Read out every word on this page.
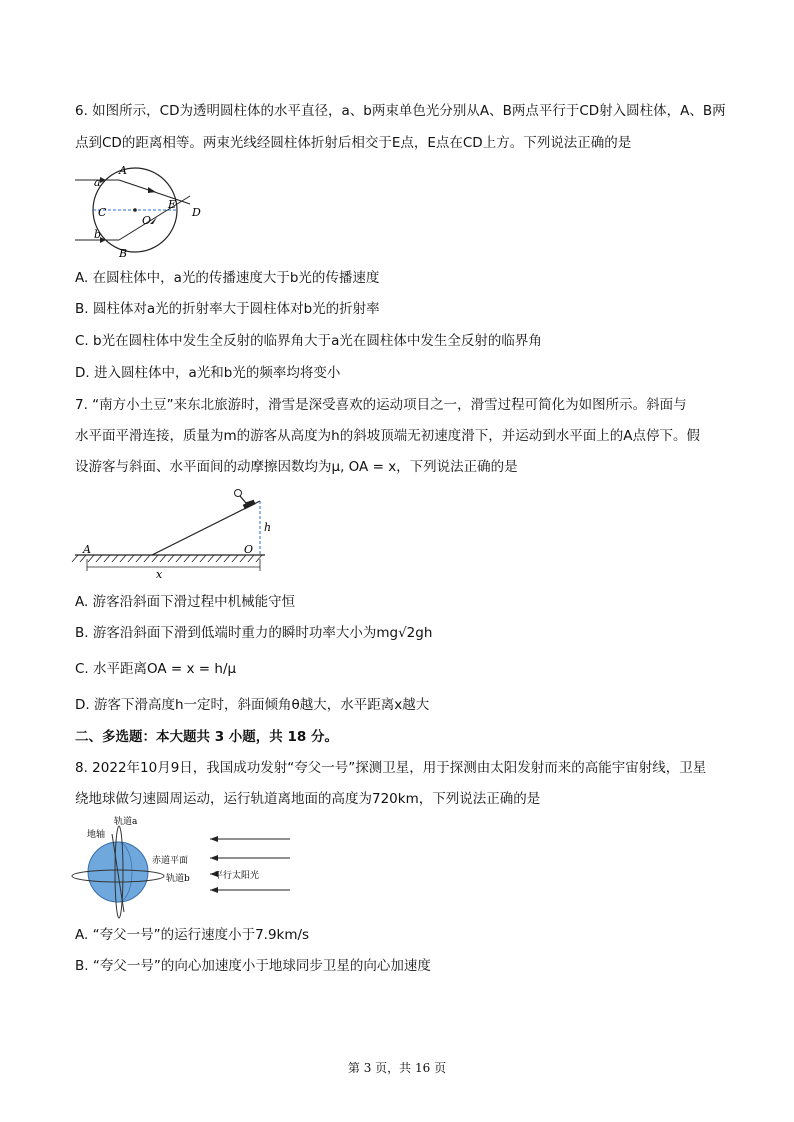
6. 如图所示，CD为透明圆柱体的水平直径，a、b两束单色光分别从A、B两点平行于CD射入圆柱体，A、B两
点到CD的距离相等。两束光线经圆柱体折射后相交于E点，E点在CD上方。下列说法正确的是
A
a
C
O
E
D
b
B
A. 在圆柱体中，a光的传播速度大于b光的传播速度
B. 圆柱体对a光的折射率大于圆柱体对b光的折射率
C. b光在圆柱体中发生全反射的临界角大于a光在圆柱体中发生全反射的临界角
D. 进入圆柱体中，a光和b光的频率均将变小
7. “南方小土豆”来东北旅游时，滑雪是深受喜欢的运动项目之一，滑雪过程可简化为如图所示。斜面与
水平面平滑连接，质量为m的游客从高度为h的斜坡顶端无初速度滑下，并运动到水平面上的A点停下。假
设游客与斜面、水平面间的动摩擦因数均为μ, OA = x，下列说法正确的是
A	O
h
x
A. 游客沿斜面下滑过程中机械能守恒
B. 游客沿斜面下滑到低端时重力的瞬时功率大小为mg√2gh
C. 水平距离OA = x = h/μ
D. 游客下滑高度h一定时，斜面倾角θ越大，水平距离x越大
二、多选题：本大题共 3 小题，共 18 分。
8. 2022年10月9日，我国成功发射“夸父一号”探测卫星，用于探测由太阳发射而来的高能宇宙射线，卫星
绕地球做匀速圆周运动，运行轨道离地面的高度为720km，下列说法正确的是
地轴
轨道a
赤道平面
轨道b	平行太阳光
A. “夸父一号”的运行速度小于7.9km/s
B. “夸父一号”的向心加速度小于地球同步卫星的向心加速度
第 3 页，共 16 页
